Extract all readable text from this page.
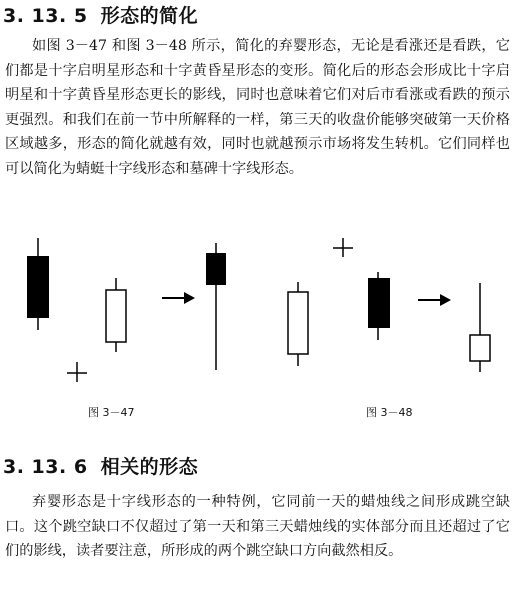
3. 13. 5 形态的简化
如图 3－47 和图 3－48 所示，简化的弃婴形态，无论是看涨还是看跌，它们都是十字启明星形态和十字黄昏星形态的变形。简化后的形态会形成比十字启明星和十字黄昏星形态更长的影线，同时也意味着它们对后市看涨或看跌的预示更强烈。和我们在前一节中所解释的一样，第三天的收盘价能够突破第一天价格区域越多，形态的简化就越有效，同时也就越预示市场将发生转机。它们同样也可以简化为蜻蜓十字线形态和墓碑十字线形态。
图 3－47	图 3－48
3. 13. 6 相关的形态
弃婴形态是十字线形态的一种特例，它同前一天的蜡烛线之间形成跳空缺口。这个跳空缺口不仅超过了第一天和第三天蜡烛线的实体部分而且还超过了它们的影线，读者要注意，所形成的两个跳空缺口方向截然相反。
